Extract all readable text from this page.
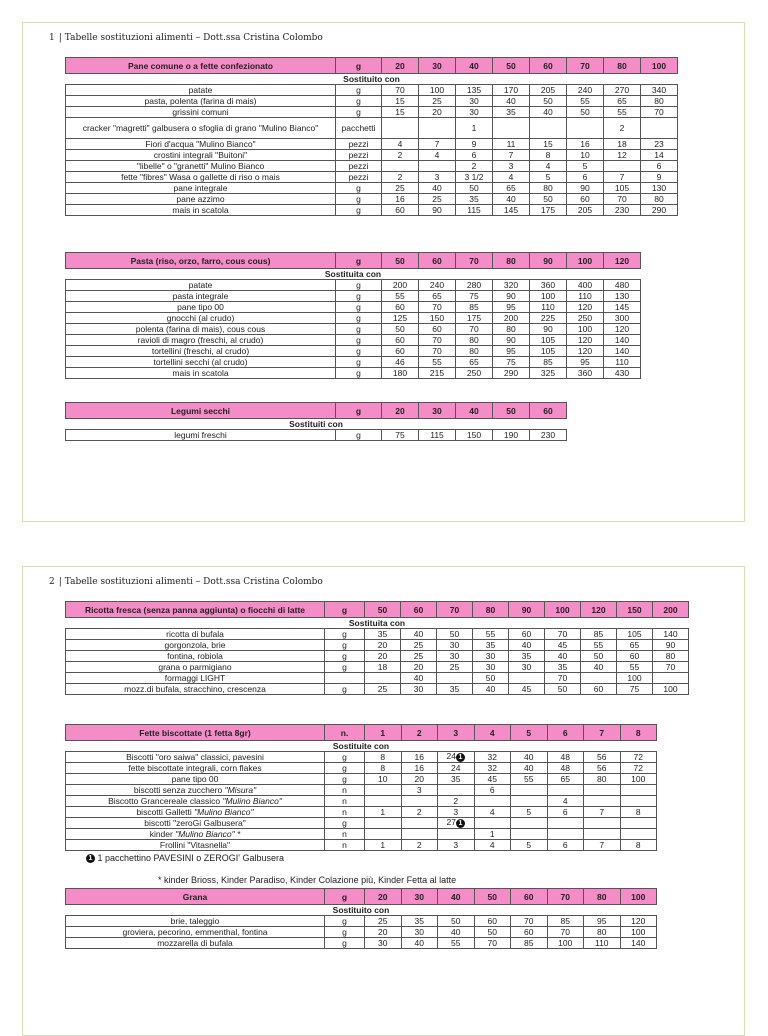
1 | Tabelle sostituzioni alimenti – Dott.ssa Cristina Colombo
Pane comune o a fette confezionato	g	20	30	40	50	60	70	80	100
Sostituito con									
patate	g	70	100	135	170	205	240	270	340
pasta, polenta (farina di mais)	g	15	25	30	40	50	55	65	80
grissini comuni	g	15	20	30	35	40	50	55	70
cracker "magretti" galbusera o sfoglia di grano "Mulino Bianco"	pacchetti			1				2	
Fiori d'acqua "Mulino Bianco"	pezzi	4	7	9	11	15	16	18	23
crostini integrali "Buitoni"	pezzi	2	4	6	7	8	10	12	14
"libelle" o "granetti" Mulino Bianco	pezzi			2	3	4	5		6
fette "fibres" Wasa o gallette di riso o mais	pezzi	2	3	3 1/2	4	5	6	7	9
pane integrale	g	25	40	50	65	80	90	105	130
pane azzimo	g	16	25	35	40	50	60	70	80
mais in scatola	g	60	90	115	145	175	205	230	290
Pasta (riso, orzo, farro, cous cous)	g	50	60	70	80	90	100	120
Sostituita con								
patate	g	200	240	280	320	360	400	480
pasta integrale	g	55	65	75	90	100	110	130
pane tipo 00	g	60	70	85	95	110	120	145
gnocchi (al crudo)	g	125	150	175	200	225	250	300
polenta (farina di mais), cous cous	g	50	60	70	80	90	100	120
ravioli di magro (freschi, al crudo)	g	60	70	80	90	105	120	140
tortellini (freschi, al crudo)	g	60	70	80	95	105	120	140
tortellini secchi (al crudo)	g	46	55	65	75	85	95	110
mais in scatola	g	180	215	250	290	325	360	430
Legumi secchi	g	20	30	40	50	60
Sostituiti con						
legumi freschi	g	75	115	150	190	230
2 | Tabelle sostituzioni alimenti – Dott.ssa Cristina Colombo
Ricotta fresca (senza panna aggiunta) o fiocchi di latte	g	50	60	70	80	90	100	120	150	200
Sostituita con										
ricotta di bufala	g	35	40	50	55	60	70	85	105	140
gorgonzola, brie	g	20	25	30	35	40	45	55	65	90
fontina, robiola	g	20	25	30	30	35	40	50	60	80
grana o parmigiano	g	18	20	25	30	30	35	40	55	70
formaggi LIGHT			40		50		70		100	
mozz.di bufala, stracchino, crescenza	g	25	30	35	40	45	50	60	75	100
Fette biscottate (1 fetta 8gr)	n.	1	2	3	4	5	6	7	8
Sostituite con									
Biscotti "oro saiwa" classici, pavesini	g	8	16	24 1	32	40	48	56	72
fette biscottate integrali, corn flakes	g	8	16	24	32	40	48	56	72
pane tipo 00	g	10	20	35	45	55	65	80	100
biscotti senza zucchero "Misura"	n		3		6				
Biscotto Grancereale classico "Mulino Bianco"	n			2			4		
biscotti Galletti "Mulino Bianco"	n	1	2	3	4	5	6	7	8
biscotti "zeroGi Galbusera"	g			27 1					
kinder "Mulino Bianco" *	n				1				
Frollini "Vitasnella"	n	1	2	3	4	5	6	7	8
1 1 pacchettino PAVESINI o ZEROGI' Galbusera
* kinder Brioss, Kinder Paradiso, Kinder Colazione più, Kinder Fetta al latte
Grana	g	20	30	40	50	60	70	80	100
Sostituito con									
brie, taleggio	g	25	35	50	60	70	85	95	120
groviera, pecorino, emmenthal, fontina	g	20	30	40	50	60	70	80	100
mozzarella di bufala	g	30	40	55	70	85	100	110	140
